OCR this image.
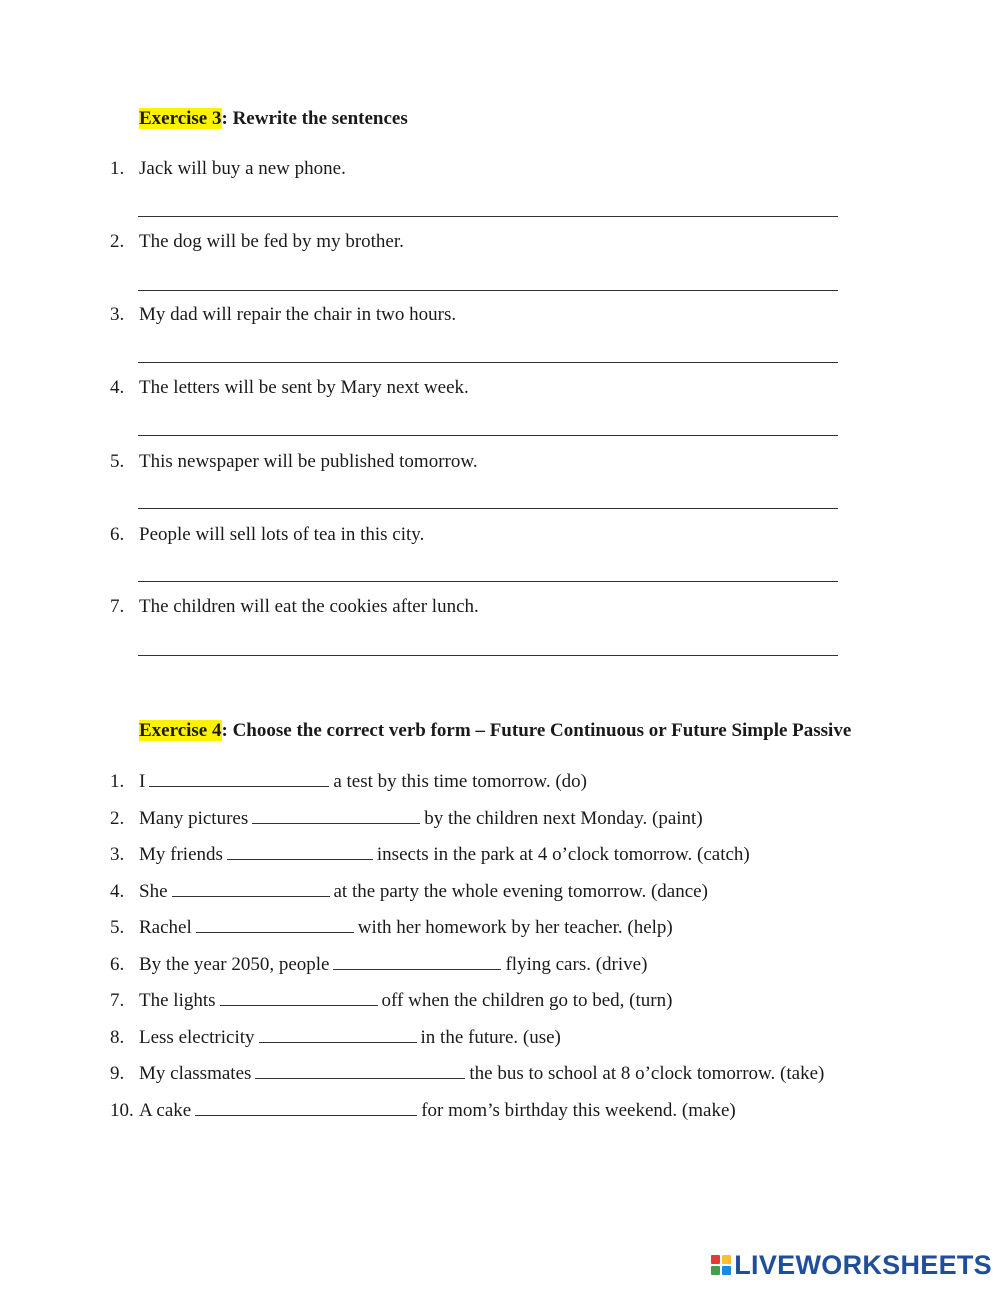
Exercise 3: Rewrite the sentences
1. Jack will buy a new phone.
2. The dog will be fed by my brother.
3. My dad will repair the chair in two hours.
4. The letters will be sent by Mary next week.
5. This newspaper will be published tomorrow.
6. People will sell lots of tea in this city.
7. The children will eat the cookies after lunch.
Exercise 4: Choose the correct verb form – Future Continuous or Future Simple Passive
1. I	a test by this time tomorrow. (do)
2. Many pictures	by the children next Monday. (paint)
3. My friends	insects in the park at 4 o’clock tomorrow. (catch)
4. She	at the party the whole evening tomorrow. (dance)
5. Rachel	with her homework by her teacher. (help)
6. By the year 2050, people	flying cars. (drive)
7. The lights	off when the children go to bed, (turn)
8. Less electricity	in the future. (use)
9. My classmates	the bus to school at 8 o’clock tomorrow. (take)
10. A cake	for mom’s birthday this weekend. (make)
LIVEWORKSHEETS
